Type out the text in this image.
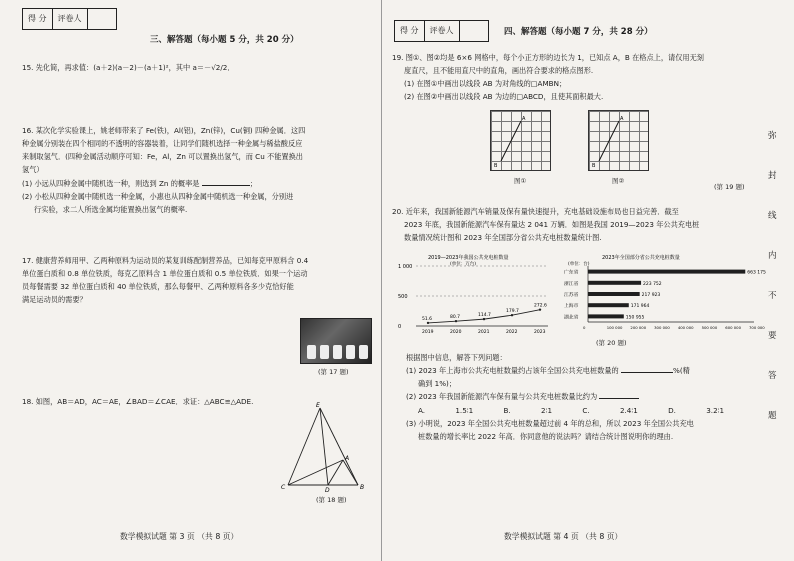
得 分	评卷人
三、解答题（每小题 5 分，共 20 分）

15. 先化简，再求值：(a＋2)(a－2)－(a＋1)²，其中 a＝－√2/2．

16. 某次化学实验课上，姚老师带来了 Fe(铁)，Al(铝)，Zn(锌)，Cu(铜) 四种金属．这四

种金属分别装在四个相同的不透明的容器装着，让同学们随机选择一种金属与稀盐酸反应

来制取氢气．(四种金属活动顺序可知：Fe，Al，Zn 可以置换出氢气，而 Cu 不能置换出

氢气）

(1) 小远从四种金属中随机选一种，则选到 Zn 的概率是	；

(2) 小松从四种金属中随机选一种金属，小惠也从四种金属中随机选一种金属，分别进

行实验，求二人所选金属均能置换出氢气的概率.

17. 健康营养师用甲、乙两种原料为运动员的某复训练配制营养品，已知每克甲原料含 0.4

单位蛋白质和 0.8 单位铁质，每克乙原料含 1 单位蛋白质和 0.5 单位铁质．如果一个运动

员每餐需要 32 单位蛋白质和 40 单位铁质，那么每餐甲、乙两种原料各多少克恰好能

满足运动员的需要？

(第 17 题)

18. 如图，AB＝AD，AC＝AE，∠BAD＝∠CAE．求证：△ABC≌△ADE.	E
A
C	D	B
(第 18 题)
数学模拟试题 第 3 页 （共 8 页）
得 分	评卷人	四、解答题（每小题 7 分，共 28 分）

19. 图①、图②均是 6×6 网格中，每个小正方形的边长为 1，已知点 A，B 在格点上，请仅用无刻

度直尺，且不能用直尺中的直角，画出符合要求的格点图形.

(1) 在图①中画出以线段 AB 为对角线的□AMBN；

(2) 在图②中画出以线段 AB 为边的□ABCD，且使其面积最大.

B
A
B
A
图①	图②
(第 19 题)

20. 近年来，我国新能源汽车销量及保有量快速提升，充电基础设施布局也日益完善．截至

2023 年底，我国新能源汽车保有量达 2 041 万辆．如图是我国 2019—2023 年公共充电桩

数量情况统计图和 2023 年全国部分省公共充电桩数量统计图.

2019—2023年我国公共充电桩数量
(单位：万台)
1 000
500
0
51.6
2019
80.7
2020
114.7
2021
179.7
2022
272.6
2023
2023年全国部分省公共充电桩数量
(单位：台)
0	100 000 200 000 300 000 400 000 500 000 600 000 700 000
广东省	663 175
浙江省	223 752
江苏省	217 923
上海市	171 964
湖北省	150 955
(第 20 题)

根据图中信息，解答下列问题：

(1) 2023 年上海市公共充电桩数量约占该年全国公共充电桩数量的	%(精

确到 1%)；

(2) 2023 年我国新能源汽车保有量与公共充电桩数量比约为

A. 1.5∶1	B. 2∶1	C. 2.4∶1	D. 3.2∶1

(3) 小明说，2023 年全国公共充电桩数量超过前 4 年的总和，所以 2023 年全国公共充电

桩数量的增长率比 2022 年高．你同意他的说法吗？请结合统计图说明你的理由.

数学模拟试题 第 4 页 （共 8 页）
弥
封
线
内
不
要
答
题
